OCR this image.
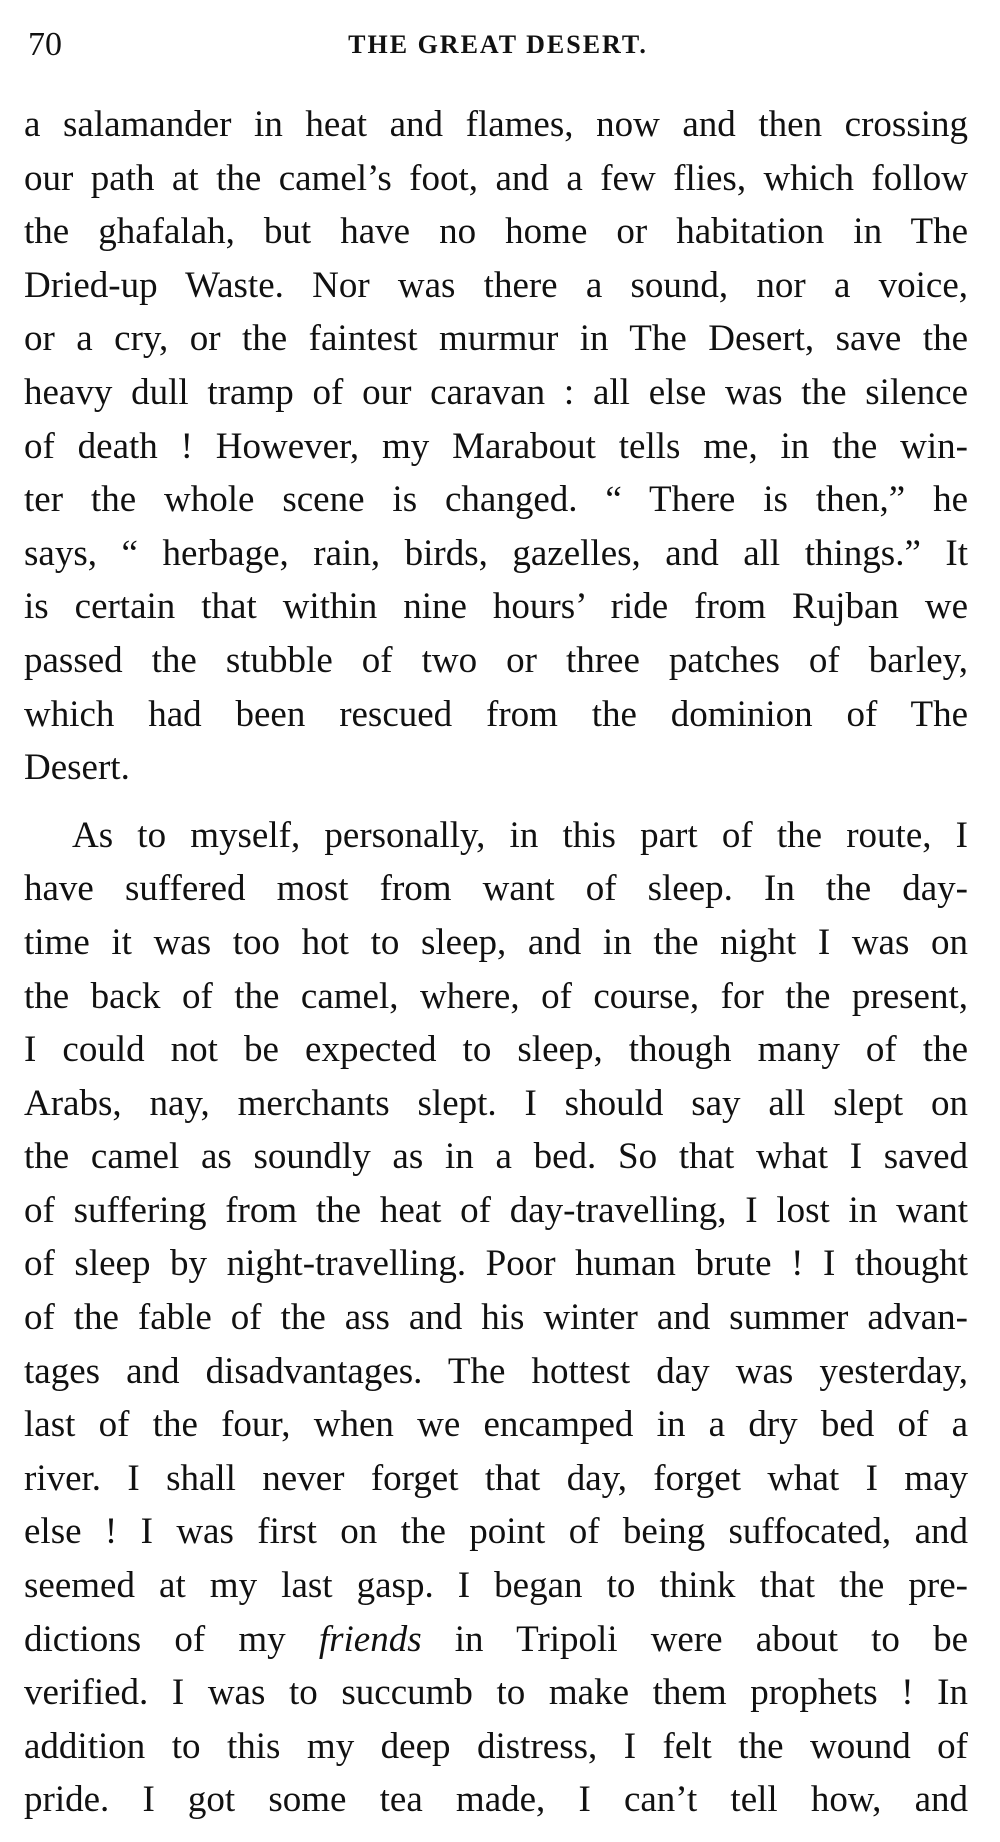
70	THE GREAT DESERT.
a salamander in heat and flames, now and then crossing
our path at the camel’s foot, and a few flies, which follow
the ghafalah, but have no home or habitation in The
Dried-up Waste. Nor was there a sound, nor a voice,
or a cry, or the faintest murmur in The Desert, save the
heavy dull tramp of our caravan : all else was the silence
of death ! However, my Marabout tells me, in the win-
ter the whole scene is changed. “ There is then,” he
says, “ herbage, rain, birds, gazelles, and all things.” It
is certain that within nine hours’ ride from Rujban we
passed the stubble of two or three patches of barley,
which had been rescued from the dominion of The
Desert.
As to myself, personally, in this part of the route, I
have suffered most from want of sleep. In the day-
time it was too hot to sleep, and in the night I was on
the back of the camel, where, of course, for the present,
I could not be expected to sleep, though many of the
Arabs, nay, merchants slept. I should say all slept on
the camel as soundly as in a bed. So that what I saved
of suffering from the heat of day-travelling, I lost in want
of sleep by night-travelling. Poor human brute ! I thought
of the fable of the ass and his winter and summer advan-
tages and disadvantages. The hottest day was yesterday,
last of the four, when we encamped in a dry bed of a
river. I shall never forget that day, forget what I may
else ! I was first on the point of being suffocated, and
seemed at my last gasp. I began to think that the pre-
dictions of my friends in Tripoli were about to be
verified. I was to succumb to make them prophets ! In
addition to this my deep distress, I felt the wound of
pride. I got some tea made, I can’t tell how, and
